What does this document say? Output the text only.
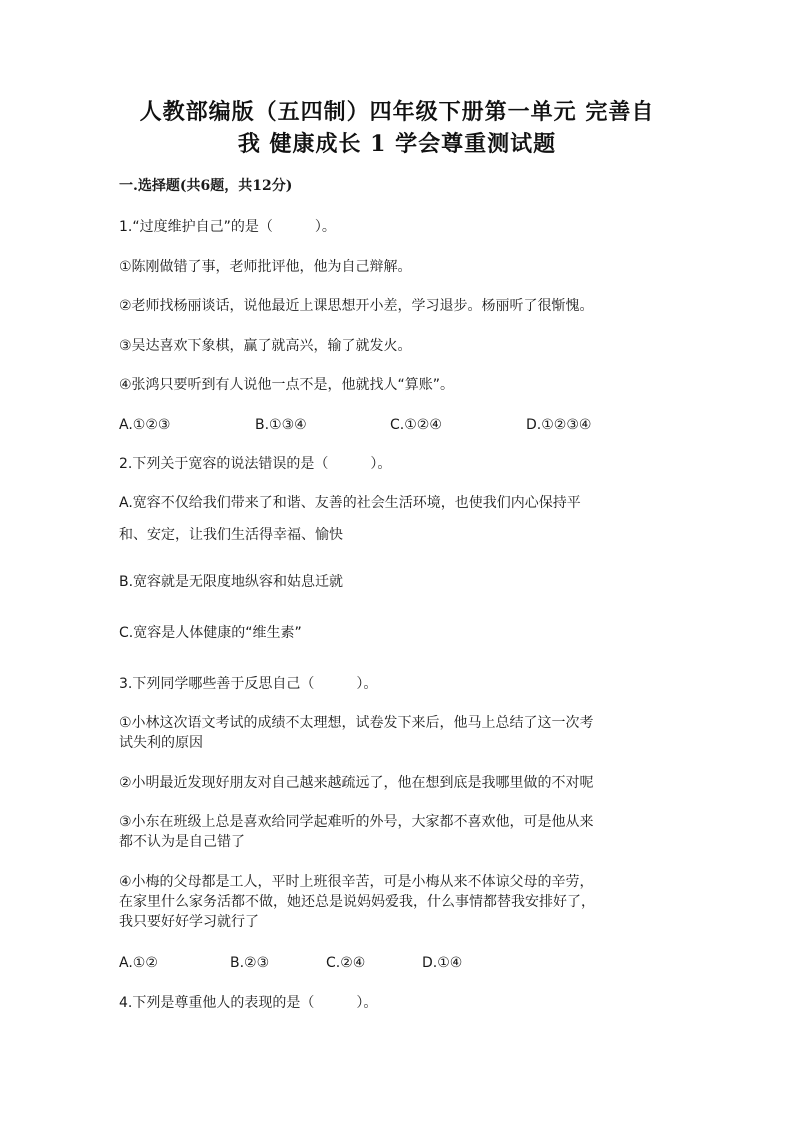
人教部编版（五四制）四年级下册第一单元 完善自
我 健康成长 1 学会尊重测试题
一.选择题(共6题，共12分)
1.“过度维护自己”的是（　　　）。
①陈刚做错了事，老师批评他，他为自己辩解。
②老师找杨丽谈话，说他最近上课思想开小差，学习退步。杨丽听了很惭愧。
③吴达喜欢下象棋，赢了就高兴，输了就发火。
④张鸿只要听到有人说他一点不是，他就找人“算账”。
A.①②③	B.①③④	C.①②④	D.①②③④
2.下列关于宽容的说法错误的是（　　　）。
A.宽容不仅给我们带来了和谐、友善的社会生活环境，也使我们内心保持平
和、安定，让我们生活得幸福、愉快
B.宽容就是无限度地纵容和姑息迁就
C.宽容是人体健康的“维生素”
3.下列同学哪些善于反思自己（　　　）。
①小林这次语文考试的成绩不太理想，试卷发下来后，他马上总结了这一次考
试失利的原因
②小明最近发现好朋友对自己越来越疏远了，他在想到底是我哪里做的不对呢
③小东在班级上总是喜欢给同学起难听的外号，大家都不喜欢他，可是他从来
都不认为是自己错了
④小梅的父母都是工人，平时上班很辛苦，可是小梅从来不体谅父母的辛劳，
在家里什么家务活都不做，她还总是说妈妈爱我，什么事情都替我安排好了，
我只要好好学习就行了
A.①②	B.②③	C.②④	D.①④
4.下列是尊重他人的表现的是（　　　）。
